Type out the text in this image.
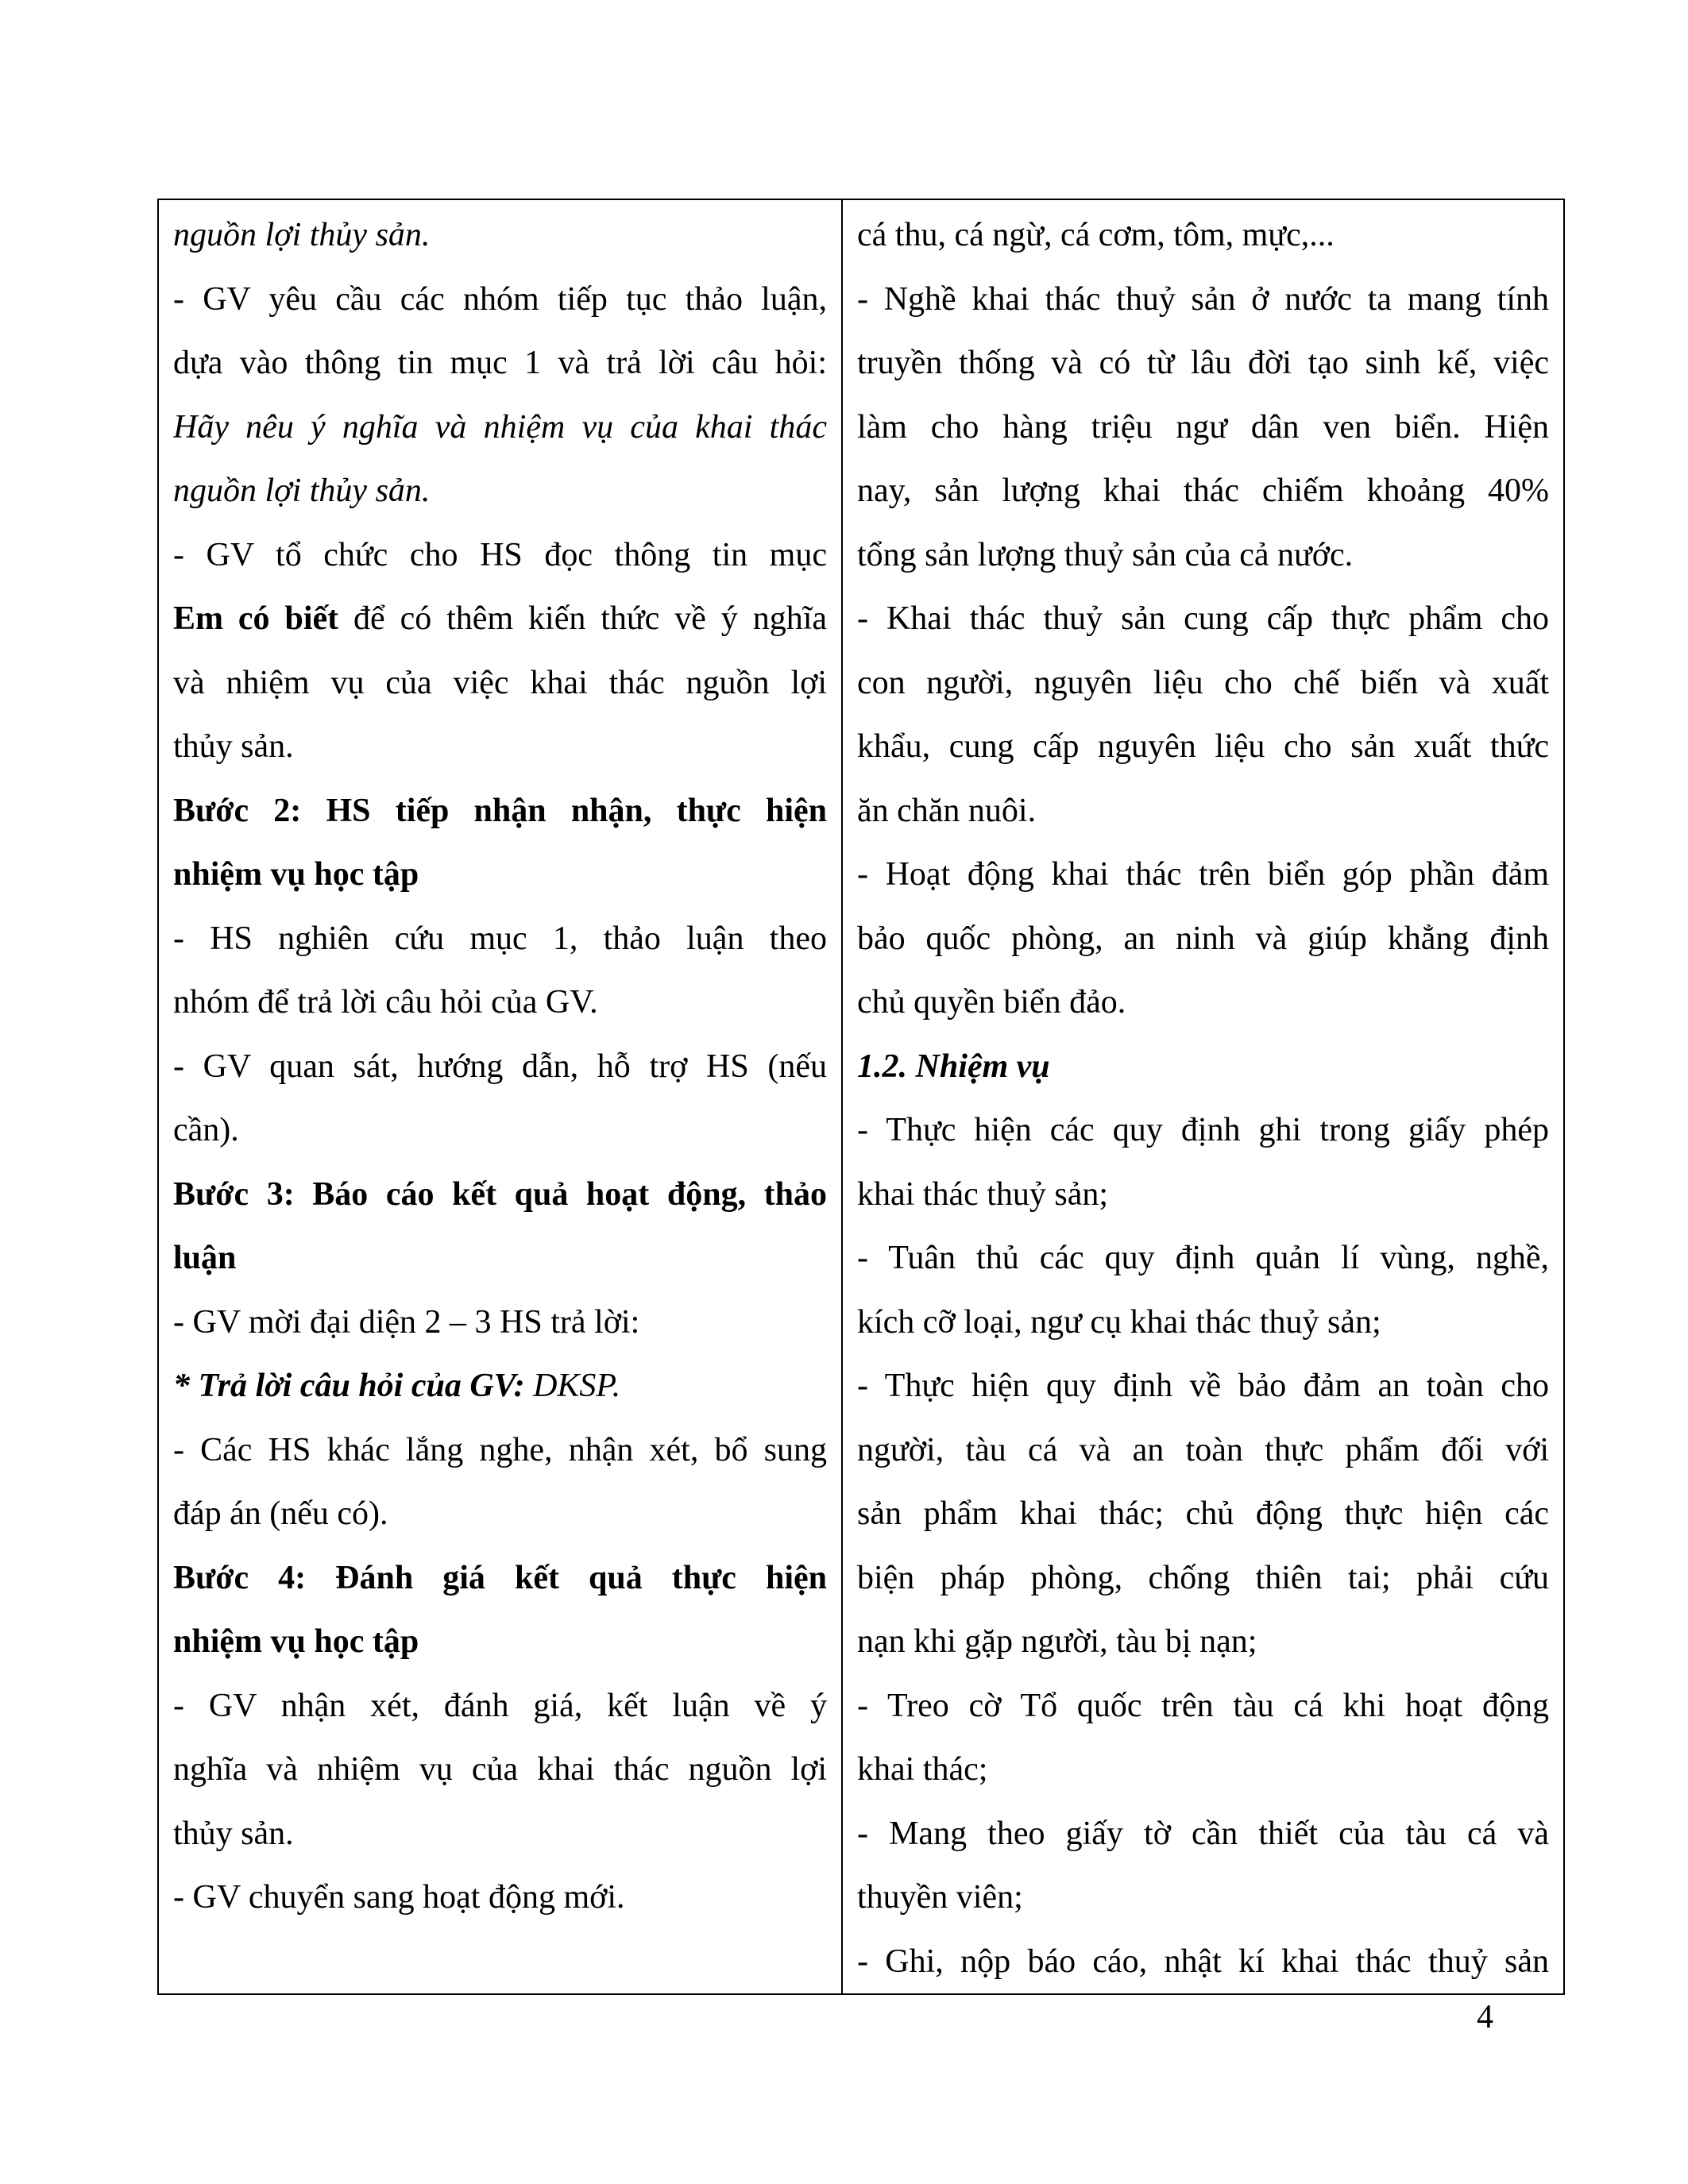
nguồn lợi thủy sản.
- GV yêu cầu các nhóm tiếp tục thảo luận,
dựa vào thông tin mục 1 và trả lời câu hỏi:
Hãy nêu ý nghĩa và nhiệm vụ của khai thác
nguồn lợi thủy sản.
- GV tổ chức cho HS đọc thông tin mục
Em có biết để có thêm kiến thức về ý nghĩa
và nhiệm vụ của việc khai thác nguồn lợi
thủy sản.
Bước 2: HS tiếp nhận nhận, thực hiện
nhiệm vụ học tập
- HS nghiên cứu mục 1, thảo luận theo
nhóm để trả lời câu hỏi của GV.
- GV quan sát, hướng dẫn, hỗ trợ HS (nếu
cần).
Bước 3: Báo cáo kết quả hoạt động, thảo
luận
- GV mời đại diện 2 – 3 HS trả lời:
* Trả lời câu hỏi của GV: DKSP.
- Các HS khác lắng nghe, nhận xét, bổ sung
đáp án (nếu có).
Bước 4: Đánh giá kết quả thực hiện
nhiệm vụ học tập
- GV nhận xét, đánh giá, kết luận về ý
nghĩa và nhiệm vụ của khai thác nguồn lợi
thủy sản.
- GV chuyển sang hoạt động mới.

cá thu, cá ngừ, cá cơm, tôm, mực,...
- Nghề khai thác thuỷ sản ở nước ta mang tính
truyền thống và có từ lâu đời tạo sinh kế, việc
làm cho hàng triệu ngư dân ven biển. Hiện
nay, sản lượng khai thác chiếm khoảng 40%
tổng sản lượng thuỷ sản của cả nước.
- Khai thác thuỷ sản cung cấp thực phẩm cho
con người, nguyên liệu cho chế biến và xuất
khẩu, cung cấp nguyên liệu cho sản xuất thức
ăn chăn nuôi.
- Hoạt động khai thác trên biển góp phần đảm
bảo quốc phòng, an ninh và giúp khẳng định
chủ quyền biển đảo.
1.2. Nhiệm vụ
- Thực hiện các quy định ghi trong giấy phép
khai thác thuỷ sản;
- Tuân thủ các quy định quản lí vùng, nghề,
kích cỡ loại, ngư cụ khai thác thuỷ sản;
- Thực hiện quy định về bảo đảm an toàn cho
người, tàu cá và an toàn thực phẩm đối với
sản phẩm khai thác; chủ động thực hiện các
biện pháp phòng, chống thiên tai; phải cứu
nạn khi gặp người, tàu bị nạn;
- Treo cờ Tổ quốc trên tàu cá khi hoạt động
khai thác;
- Mang theo giấy tờ cần thiết của tàu cá và
thuyền viên;
- Ghi, nộp báo cáo, nhật kí khai thác thuỷ sản
4
